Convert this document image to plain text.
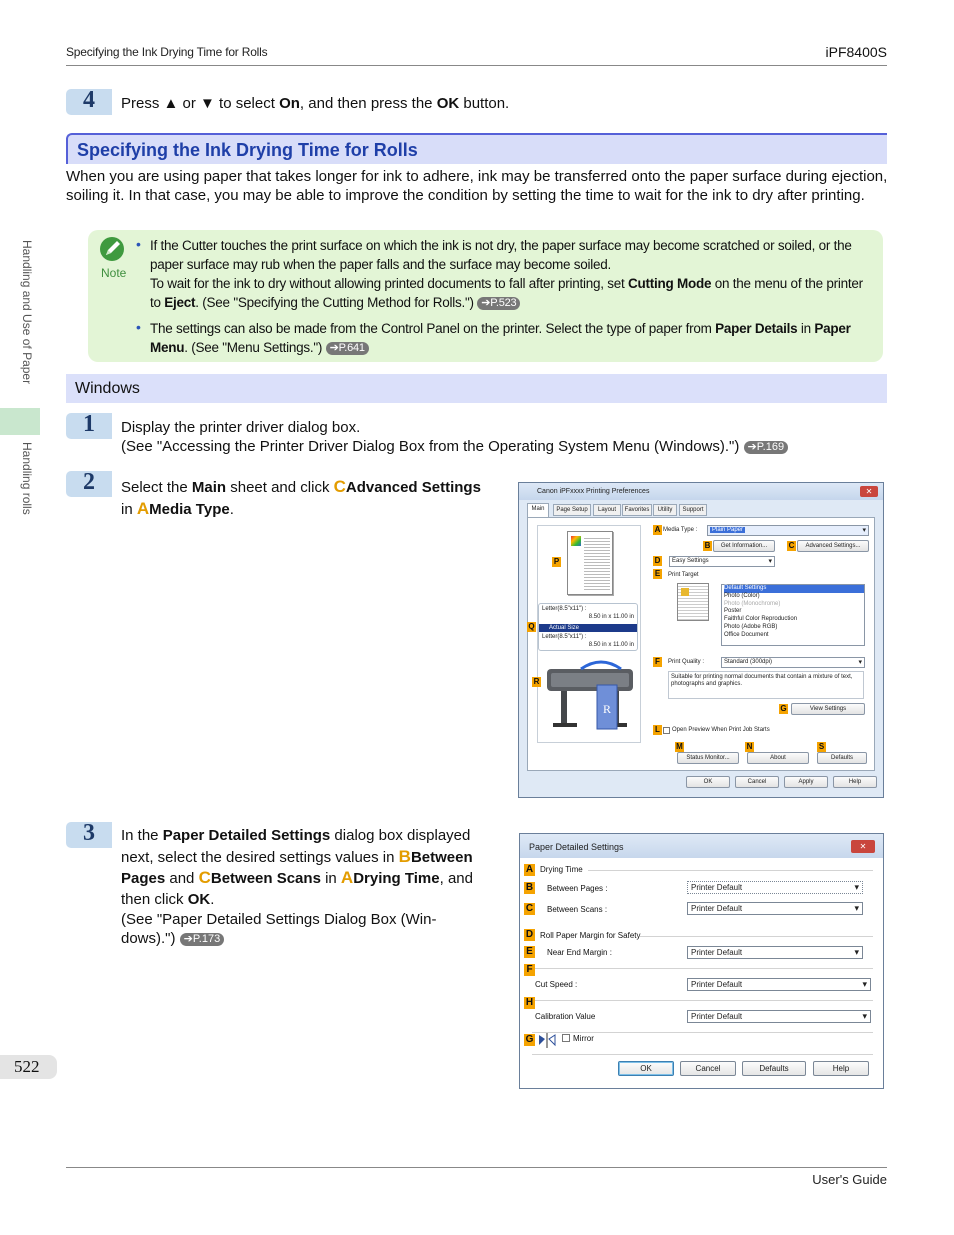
Specifying the Ink Drying Time for Rolls	iPF8400S
Handling and Use of Paper
Handling rolls
4	Press ▲ or ▼ to select On, and then press the OK button.
Specifying the Ink Drying Time for Rolls
When you are using paper that takes longer for ink to adhere, ink may be transferred onto the paper surface during ejection, soiling it. In that case, you may be able to improve the condition by setting the time to wait for the ink to dry after printing.
Note
• If the Cutter touches the print surface on which the ink is not dry, the paper surface may become scratched or soiled, or the paper surface may rub when the paper falls and the surface may become soiled.
To wait for the ink to dry without allowing printed documents to fall after printing, set Cutting Mode on the menu of the printer to Eject. (See "Specifying the Cutting Method for Rolls.") ➔P.523
• The settings can also be made from the Control Panel on the printer. Select the type of paper from Paper Details in Paper Menu. (See "Menu Settings.") ➔P.641
Windows
1	Display the printer driver dialog box.
(See "Accessing the Printer Driver Dialog Box from the Operating System Menu (Windows).") ➔P.169
2	Select the Main sheet and click CAdvanced Settings
in AMedia Type.
Canon iPFxxxx Printing Preferences	✕
Main	Page Setup	Layout	Favorites	Utility	Support
P
Letter(8.5"x11") :
8.50 in x 11.00 in
Actual Size
Letter(8.5"x11") :
8.50 in x 11.00 in
Q
R
R
A Media Type :	Plain Paper ▾
B	Get Information...	C	Advanced Settings...
D	Easy Settings ▾
E	Print Target
Default Settings
Photo (Color)
Photo (Monochrome)
Poster
Faithful Color Reproduction
Photo (Adobe RGB)
Office Document
F	Print Quality :	Standard (300dpi) ▾
Suitable for printing normal documents that contain a mixture of text, photographs and graphics.
G	View Settings
L	Open Preview When Print Job Starts
M	N	S
Status Monitor...	About	Defaults
OK	Cancel	Apply	Help
3	In the Paper Detailed Settings dialog box displayed next, select the desired settings values in BBetween Pages and CBetween Scans in ADrying Time, and then click OK.
(See "Paper Detailed Settings Dialog Box (Win-dows).") ➔P.173
Paper Detailed Settings	✕
A Drying Time
B Between Pages :	Printer Default ▾
C Between Scans :	Printer Default ▾
D Roll Paper Margin for Safety
E Near End Margin :	Printer Default ▾
F
Cut Speed :	Printer Default ▾
H
Calibration Value	Printer Default ▾
G	Mirror
OK	Cancel	Defaults	Help
522
User's Guide
